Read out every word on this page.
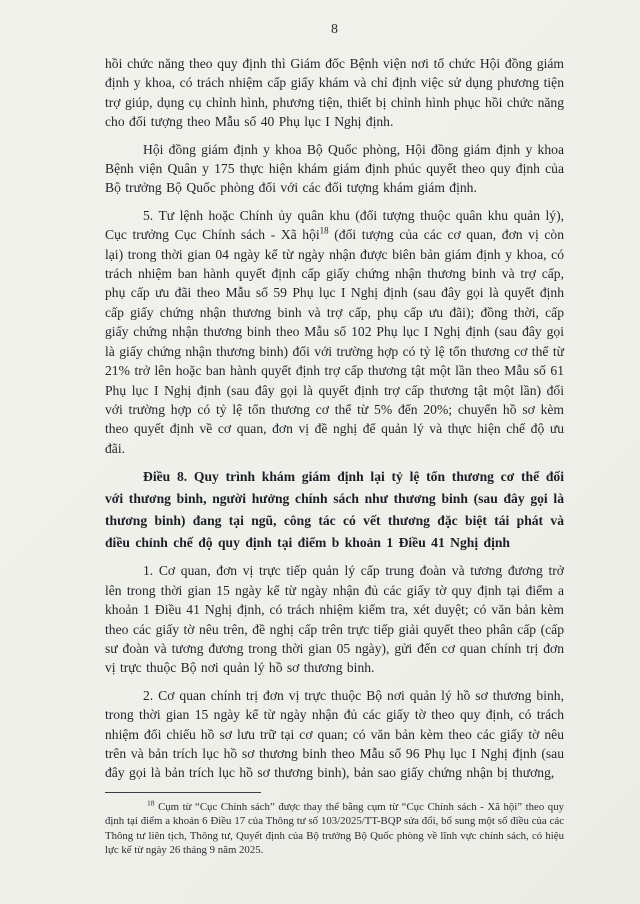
8

hồi chức năng theo quy định thì Giám đốc Bệnh viện nơi tổ chức Hội đồng giám định y khoa, có trách nhiệm cấp giấy khám và chỉ định việc sử dụng phương tiện trợ giúp, dụng cụ chỉnh hình, phương tiện, thiết bị chỉnh hình phục hồi chức năng cho đối tượng theo Mẫu số 40 Phụ lục I Nghị định.

Hội đồng giám định y khoa Bộ Quốc phòng, Hội đồng giám định y khoa Bệnh viện Quân y 175 thực hiện khám giám định phúc quyết theo quy định của Bộ trưởng Bộ Quốc phòng đối với các đối tượng khám giám định.

5. Tư lệnh hoặc Chính ủy quân khu (đối tượng thuộc quân khu quản lý), Cục trưởng Cục Chính sách - Xã hội$^{18}$ (đối tượng của các cơ quan, đơn vị còn lại) trong thời gian 04 ngày kể từ ngày nhận được biên bản giám định y khoa, có trách nhiệm ban hành quyết định cấp giấy chứng nhận thương binh và trợ cấp, phụ cấp ưu đãi theo Mẫu số 59 Phụ lục I Nghị định (sau đây gọi là quyết định cấp giấy chứng nhận thương binh và trợ cấp, phụ cấp ưu đãi); đồng thời, cấp giấy chứng nhận thương binh theo Mẫu số 102 Phụ lục I Nghị định (sau đây gọi là giấy chứng nhận thương binh) đối với trường hợp có tỷ lệ tổn thương cơ thể từ 21% trở lên hoặc ban hành quyết định trợ cấp thương tật một lần theo Mẫu số 61 Phụ lục I Nghị định (sau đây gọi là quyết định trợ cấp thương tật một lần) đối với trường hợp có tỷ lệ tổn thương cơ thể từ 5% đến 20%; chuyển hồ sơ kèm theo quyết định về cơ quan, đơn vị đề nghị để quản lý và thực hiện chế độ ưu đãi.

Điều 8. Quy trình khám giám định lại tỷ lệ tổn thương cơ thể đối với thương binh, người hưởng chính sách như thương binh (sau đây gọi là thương binh) đang tại ngũ, công tác có vết thương đặc biệt tái phát và điều chỉnh chế độ quy định tại điểm b khoản 1 Điều 41 Nghị định

1. Cơ quan, đơn vị trực tiếp quản lý cấp trung đoàn và tương đương trở lên trong thời gian 15 ngày kể từ ngày nhận đủ các giấy tờ quy định tại điểm a khoản 1 Điều 41 Nghị định, có trách nhiệm kiểm tra, xét duyệt; có văn bản kèm theo các giấy tờ nêu trên, đề nghị cấp trên trực tiếp giải quyết theo phân cấp (cấp sư đoàn và tương đương trong thời gian 05 ngày), gửi đến cơ quan chính trị đơn vị trực thuộc Bộ nơi quản lý hồ sơ thương binh.

2. Cơ quan chính trị đơn vị trực thuộc Bộ nơi quản lý hồ sơ thương binh, trong thời gian 15 ngày kể từ ngày nhận đủ các giấy tờ theo quy định, có trách nhiệm đối chiếu hồ sơ lưu trữ tại cơ quan; có văn bản kèm theo các giấy tờ nêu trên và bản trích lục hồ sơ thương binh theo Mẫu số 96 Phụ lục I Nghị định (sau đây gọi là bản trích lục hồ sơ thương binh), bản sao giấy chứng nhận bị thương,

$^{18}$ Cụm từ “Cục Chính sách” được thay thế bằng cụm từ “Cục Chính sách - Xã hội” theo quy định tại điểm a khoản 6 Điều 17 của Thông tư số 103/2025/TT-BQP sửa đổi, bổ sung một số điều của các Thông tư liên tịch, Thông tư, Quyết định của Bộ trưởng Bộ Quốc phòng về lĩnh vực chính sách, có hiệu lực kể từ ngày 26 tháng 9 năm 2025.
